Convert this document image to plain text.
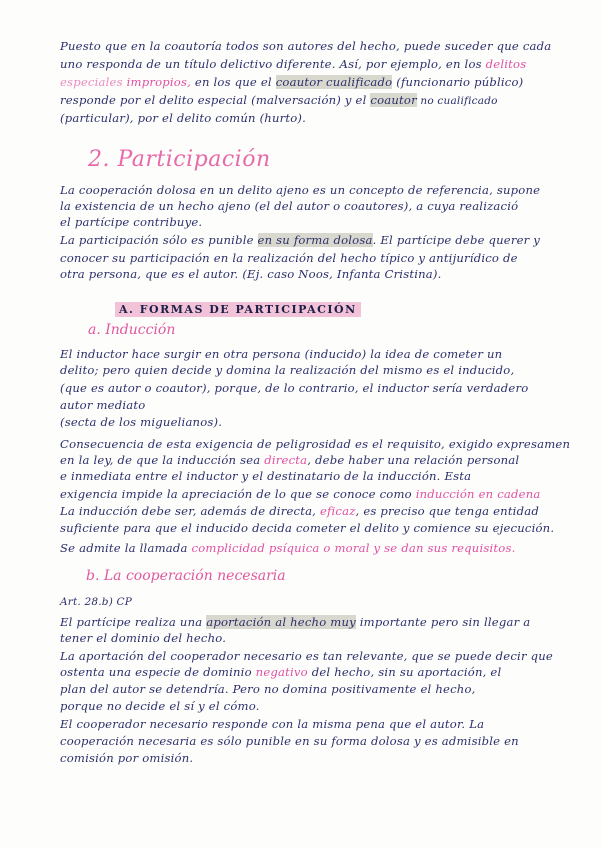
Puesto que en la coautoría todos son autores del hecho, puede suceder que cada
uno responda de un título delictivo diferente. Así, por ejemplo, en los delitos
especiales impropios, en los que el coautor cualificado (funcionario público)
responde por el delito especial (malversación) y el coautor no cualificado
(particular), por el delito común (hurto).
2. Participación
La cooperación dolosa en un delito ajeno es un concepto de referencia, supone
la existencia de un hecho ajeno (el del autor o coautores), a cuya realizació
el partícipe contribuye.
La participación sólo es punible en su forma dolosa. El partícipe debe querer y
conocer su participación en la realización del hecho típico y antijurídico de
otra persona, que es el autor. (Ej. caso Noos, Infanta Cristina).
A. FORMAS DE PARTICIPACIÓN
a. Inducción
El inductor hace surgir en otra persona (inducido) la idea de cometer un
delito; pero quien decide y domina la realización del mismo es el inducido,
(que es autor o coautor), porque, de lo contrario, el inductor sería verdadero
autor mediato
(secta de los miguelianos).
Consecuencia de esta exigencia de peligrosidad es el requisito, exigido expresamen
en la ley, de que la inducción sea directa, debe haber una relación personal
e inmediata entre el inductor y el destinatario de la inducción. Esta
exigencia impide la apreciación de lo que se conoce como inducción en cadena
La inducción debe ser, además de directa, eficaz, es preciso que tenga entidad
suficiente para que el inducido decida cometer el delito y comience su ejecución.
Se admite la llamada complicidad psíquica o moral y se dan sus requisitos.
b. La cooperación necesaria
Art. 28.b) CP
El partícipe realiza una aportación al hecho muy importante pero sin llegar a
tener el dominio del hecho.
La aportación del cooperador necesario es tan relevante, que se puede decir que
ostenta una especie de dominio negativo del hecho, sin su aportación, el
plan del autor se detendría. Pero no domina positivamente el hecho,
porque no decide el sí y el cómo.
El cooperador necesario responde con la misma pena que el autor. La
cooperación necesaria es sólo punible en su forma dolosa y es admisible en
comisión por omisión.
